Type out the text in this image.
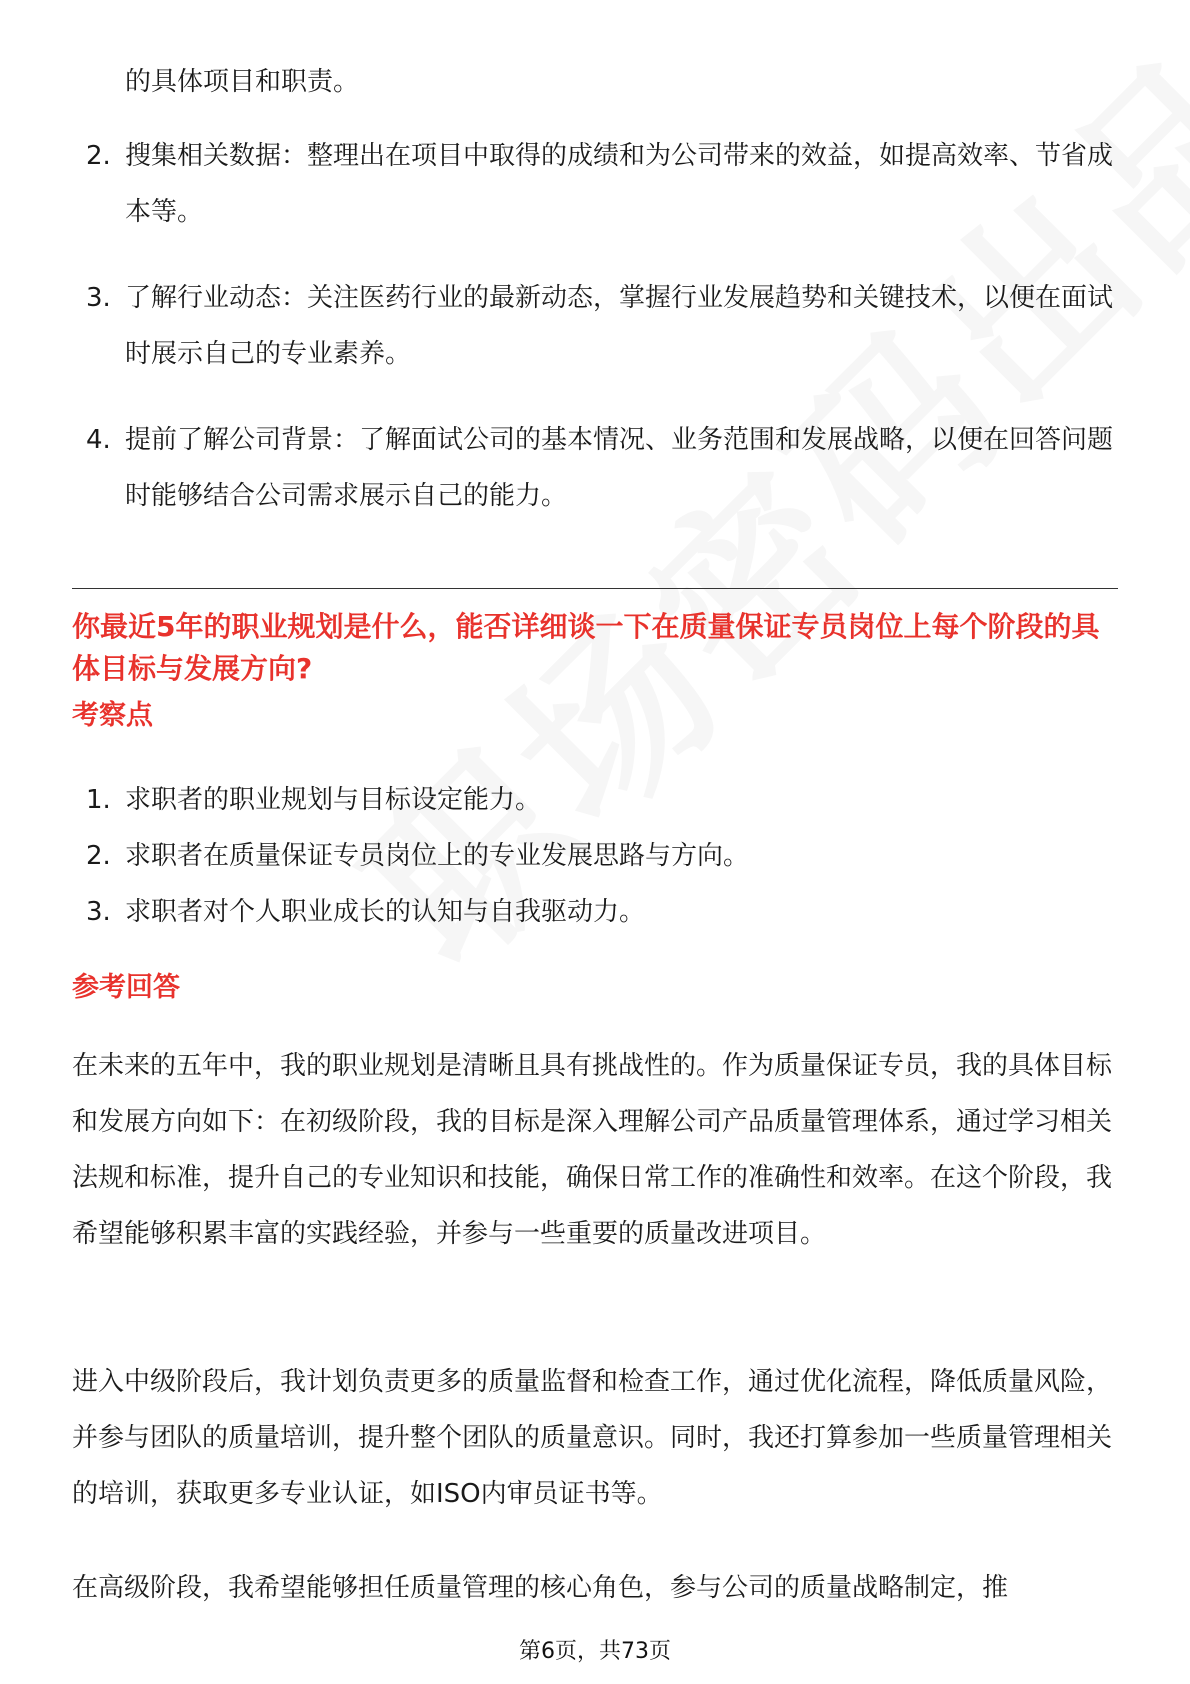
的具体项目和职责。
2. 搜集相关数据：整理出在项目中取得的成绩和为公司带来的效益，如提高效率、节省成本等。
3. 了解行业动态：关注医药行业的最新动态，掌握行业发展趋势和关键技术，以便在面试时展示自己的专业素养。
4. 提前了解公司背景：了解面试公司的基本情况、业务范围和发展战略，以便在回答问题时能够结合公司需求展示自己的能力。
你最近5年的职业规划是什么，能否详细谈一下在质量保证专员岗位上每个阶段的具体目标与发展方向?
考察点
1. 求职者的职业规划与目标设定能力。
2. 求职者在质量保证专员岗位上的专业发展思路与方向。
3. 求职者对个人职业成长的认知与自我驱动力。
参考回答

在未来的五年中，我的职业规划是清晰且具有挑战性的。作为质量保证专员，我的具体目标和发展方向如下：在初级阶段，我的目标是深入理解公司产品质量管理体系，通过学习相关法规和标准，提升自己的专业知识和技能，确保日常工作的准确性和效率。在这个阶段，我希望能够积累丰富的实践经验，并参与一些重要的质量改进项目。

进入中级阶段后，我计划负责更多的质量监督和检查工作，通过优化流程，降低质量风险，并参与团队的质量培训，提升整个团队的质量意识。同时，我还打算参加一些质量管理相关的培训，获取更多专业认证，如ISO内审员证书等。

在高级阶段，我希望能够担任质量管理的核心角色，参与公司的质量战略制定，推

第6页，共73页
